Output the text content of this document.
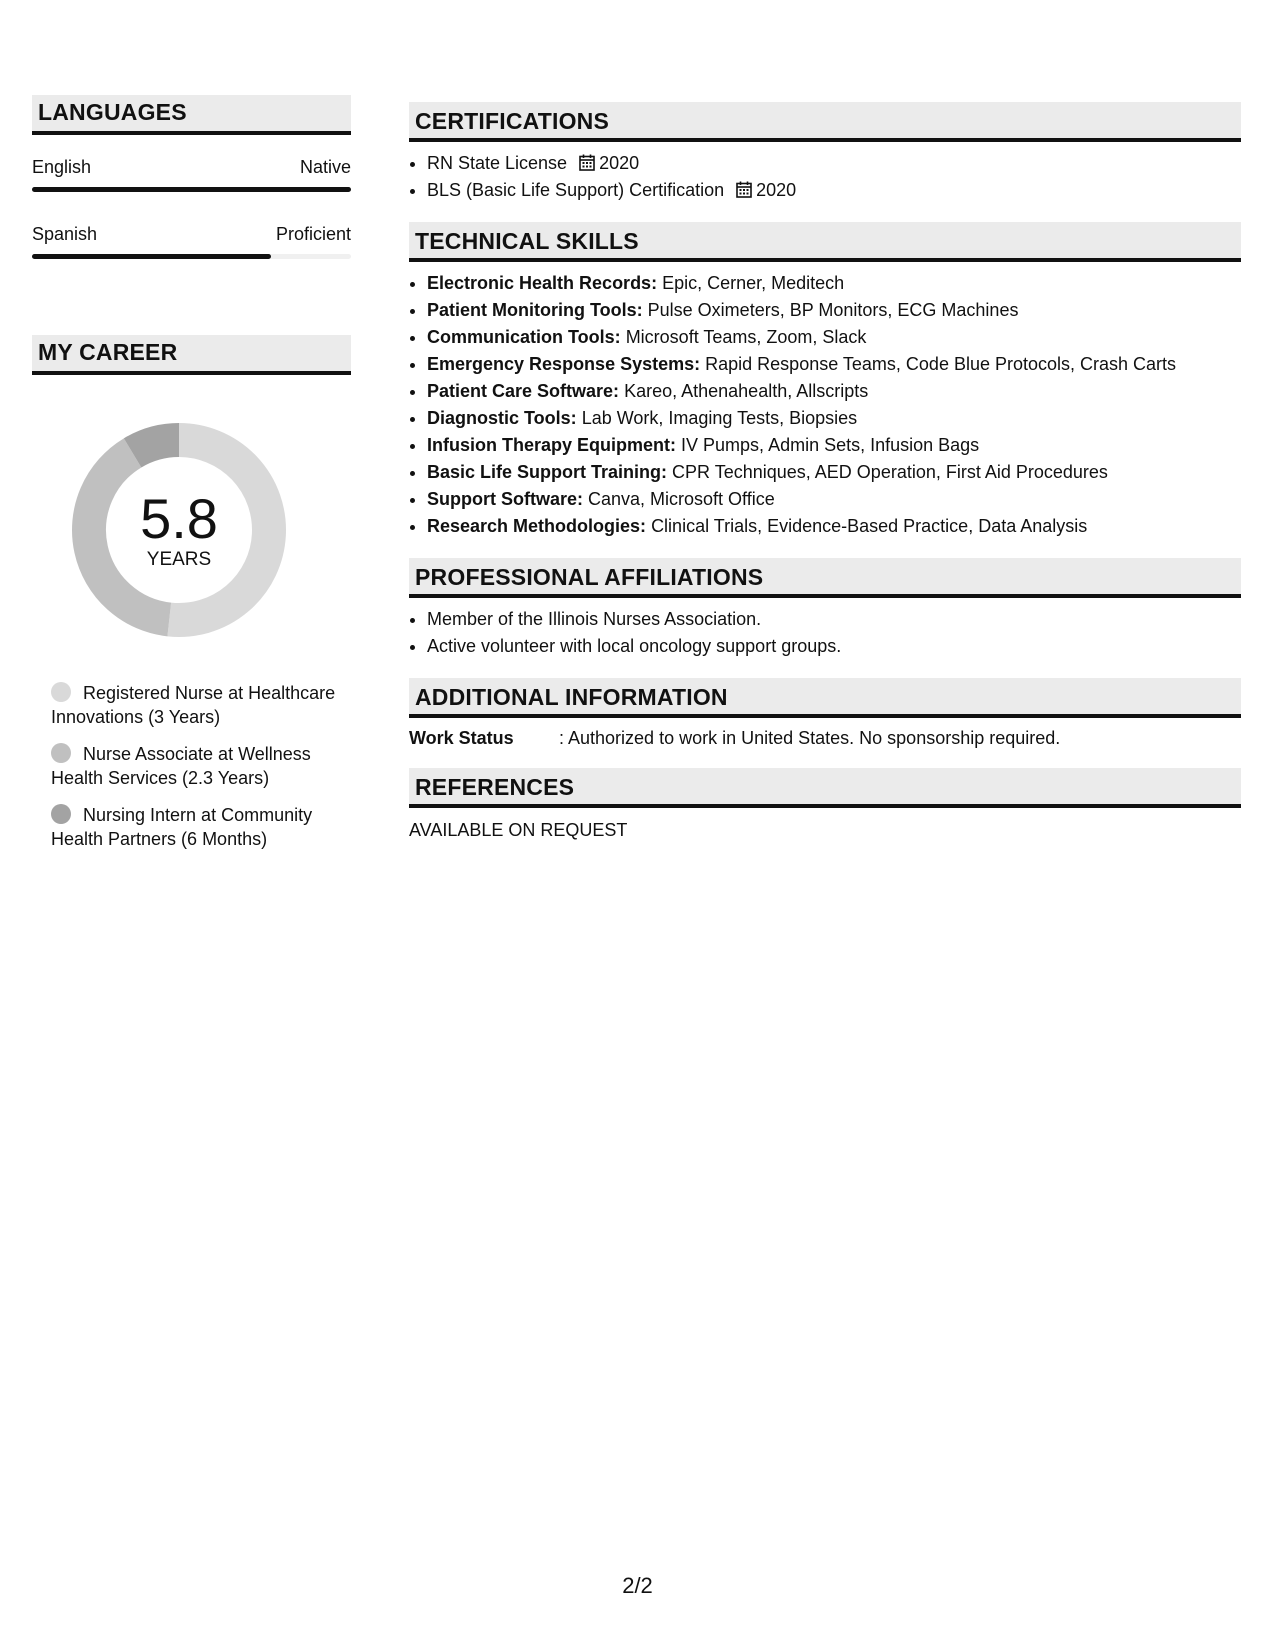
LANGUAGES
English	Native
Spanish	Proficient
MY CAREER
5.8
YEARS
Registered Nurse at Healthcare Innovations (3 Years)
Nurse Associate at Wellness Health Services (2.3 Years)
Nursing Intern at Community Health Partners (6 Months)
CERTIFICATIONS
• RN State License 2020
• BLS (Basic Life Support) Certification 2020
TECHNICAL SKILLS
• Electronic Health Records: Epic, Cerner, Meditech
• Patient Monitoring Tools: Pulse Oximeters, BP Monitors, ECG Machines
• Communication Tools: Microsoft Teams, Zoom, Slack
• Emergency Response Systems: Rapid Response Teams, Code Blue Protocols, Crash Carts
• Patient Care Software: Kareo, Athenahealth, Allscripts
• Diagnostic Tools: Lab Work, Imaging Tests, Biopsies
• Infusion Therapy Equipment: IV Pumps, Admin Sets, Infusion Bags
• Basic Life Support Training: CPR Techniques, AED Operation, First Aid Procedures
• Support Software: Canva, Microsoft Office
• Research Methodologies: Clinical Trials, Evidence-Based Practice, Data Analysis
PROFESSIONAL AFFILIATIONS
• Member of the Illinois Nurses Association.
• Active volunteer with local oncology support groups.
ADDITIONAL INFORMATION
Work Status	: Authorized to work in United States. No sponsorship required.
REFERENCES
AVAILABLE ON REQUEST
2/2
